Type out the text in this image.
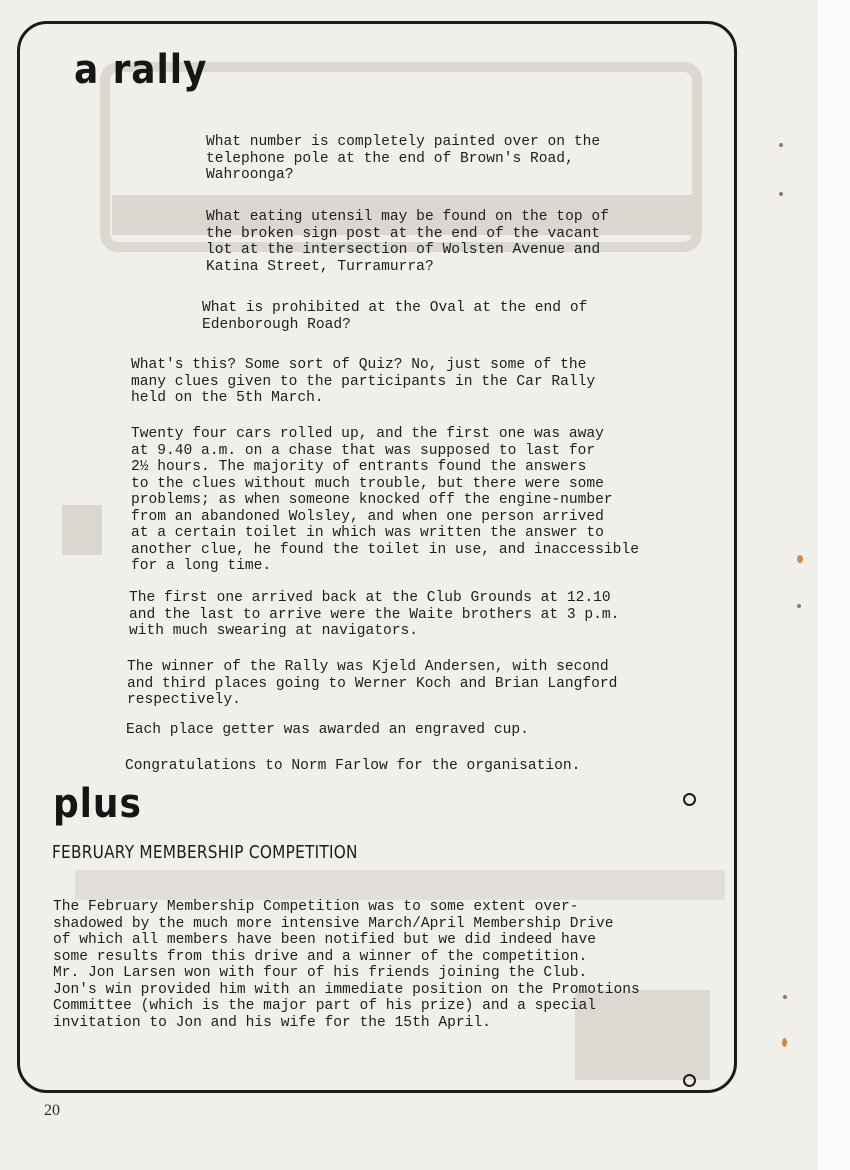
a rally

What number is completely painted over on the
telephone pole at the end of Brown's Road,
Wahroonga?

What eating utensil may be found on the top of
the broken sign post at the end of the vacant
lot at the intersection of Wolsten Avenue and
Katina Street, Turramurra?

What is prohibited at the Oval at the end of
Edenborough Road?

What's this? Some sort of Quiz? No, just some of the
many clues given to the participants in the Car Rally
held on the 5th March.

Twenty four cars rolled up, and the first one was away
at 9.40 a.m. on a chase that was supposed to last for
2½ hours. The majority of entrants found the answers
to the clues without much trouble, but there were some
problems; as when someone knocked off the engine-number
from an abandoned Wolsley, and when one person arrived
at a certain toilet in which was written the answer to
another clue, he found the toilet in use, and inaccessible
for a long time.

The first one arrived back at the Club Grounds at 12.10
and the last to arrive were the Waite brothers at 3 p.m.
with much swearing at navigators.

The winner of the Rally was Kjeld Andersen, with second
and third places going to Werner Koch and Brian Langford
respectively.

Each place getter was awarded an engraved cup.

Congratulations to Norm Farlow for the organisation.

plus
FEBRUARY MEMBERSHIP COMPETITION

The February Membership Competition was to some extent over-
shadowed by the much more intensive March/April Membership Drive
of which all members have been notified but we did indeed have
some results from this drive and a winner of the competition.
Mr. Jon Larsen won with four of his friends joining the Club.
Jon's win provided him with an immediate position on the Promotions
Committee (which is the major part of his prize) and a special
invitation to Jon and his wife for the 15th April.

20
